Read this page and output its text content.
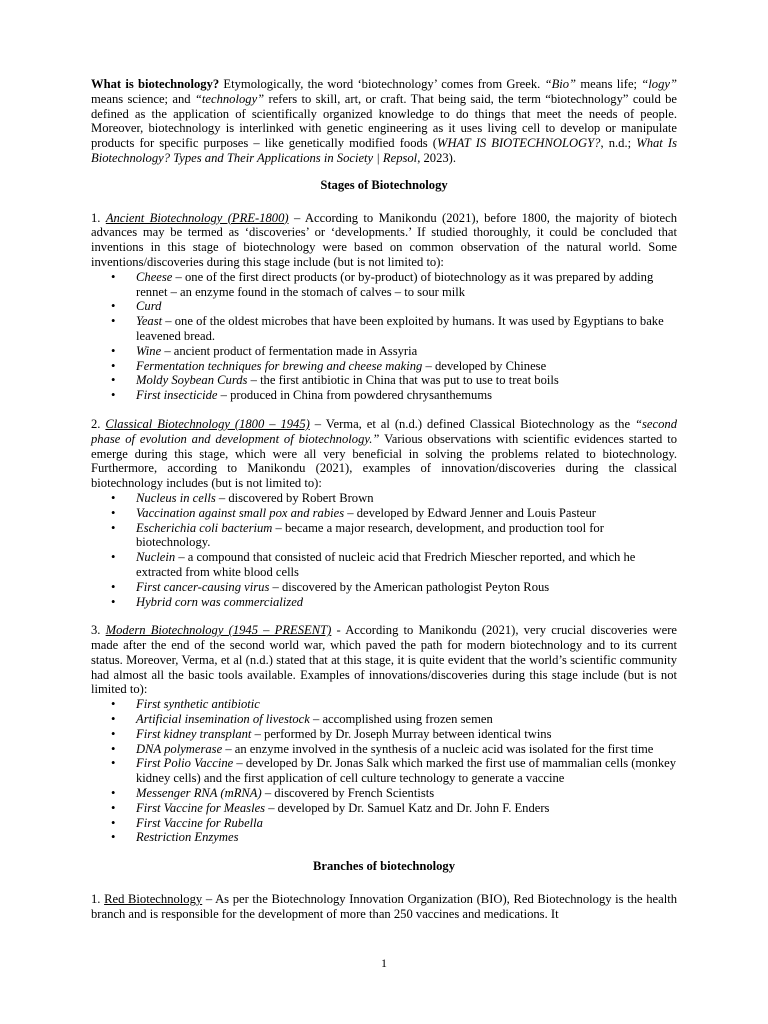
What is biotechnology? Etymologically, the word ‘biotechnology’ comes from Greek. “Bio” means life; “logy” means science; and “technology” refers to skill, art, or craft. That being said, the term “biotechnology” could be defined as the application of scientifically organized knowledge to do things that meet the needs of people. Moreover, biotechnology is interlinked with genetic engineering as it uses living cell to develop or manipulate products for specific purposes – like genetically modified foods (WHAT IS BIOTECHNOLOGY?, n.d.; What Is Biotechnology? Types and Their Applications in Society | Repsol, 2023).

Stages of Biotechnology

1. Ancient Biotechnology (PRE-1800) – According to Manikondu (2021), before 1800, the majority of biotech advances may be termed as ‘discoveries’ or ‘developments.’ If studied thoroughly, it could be concluded that inventions in this stage of biotechnology were based on common observation of the natural world. Some inventions/discoveries during this stage include (but is not limited to):

• Cheese – one of the first direct products (or by-product) of biotechnology as it was prepared by adding rennet – an enzyme found in the stomach of calves – to sour milk
• Curd
• Yeast – one of the oldest microbes that have been exploited by humans. It was used by Egyptians to bake leavened bread.
• Wine – ancient product of fermentation made in Assyria
• Fermentation techniques for brewing and cheese making – developed by Chinese
• Moldy Soybean Curds – the first antibiotic in China that was put to use to treat boils
• First insecticide – produced in China from powdered chrysanthemums

2. Classical Biotechnology (1800 – 1945) – Verma, et al (n.d.) defined Classical Biotechnology as the “second phase of evolution and development of biotechnology.” Various observations with scientific evidences started to emerge during this stage, which were all very beneficial in solving the problems related to biotechnology. Furthermore, according to Manikondu (2021), examples of innovation/discoveries during the classical biotechnology includes (but is not limited to):

• Nucleus in cells – discovered by Robert Brown
• Vaccination against small pox and rabies – developed by Edward Jenner and Louis Pasteur
• Escherichia coli bacterium – became a major research, development, and production tool for biotechnology.
• Nuclein – a compound that consisted of nucleic acid that Fredrich Miescher reported, and which he extracted from white blood cells
• First cancer-causing virus – discovered by the American pathologist Peyton Rous
• Hybrid corn was commercialized

3. Modern Biotechnology (1945 – PRESENT) - According to Manikondu (2021), very crucial discoveries were made after the end of the second world war, which paved the path for modern biotechnology and to its current status. Moreover, Verma, et al (n.d.) stated that at this stage, it is quite evident that the world’s scientific community had almost all the basic tools available. Examples of innovations/discoveries during this stage include (but is not limited to):

• First synthetic antibiotic
• Artificial insemination of livestock – accomplished using frozen semen
• First kidney transplant – performed by Dr. Joseph Murray between identical twins
• DNA polymerase – an enzyme involved in the synthesis of a nucleic acid was isolated for the first time
• First Polio Vaccine – developed by Dr. Jonas Salk which marked the first use of mammalian cells (monkey kidney cells) and the first application of cell culture technology to generate a vaccine
• Messenger RNA (mRNA) – discovered by French Scientists
• First Vaccine for Measles – developed by Dr. Samuel Katz and Dr. John F. Enders
• First Vaccine for Rubella
• Restriction Enzymes

Branches of biotechnology

1. Red Biotechnology – As per the Biotechnology Innovation Organization (BIO), Red Biotechnology is the health branch and is responsible for the development of more than 250 vaccines and medications. It

1
